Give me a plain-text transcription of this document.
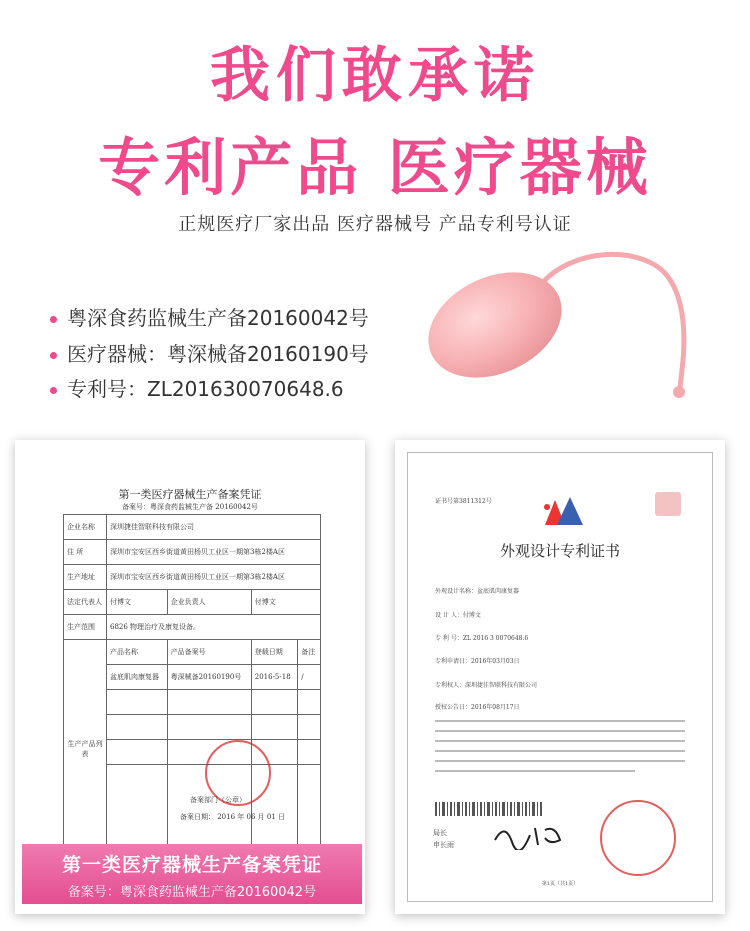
我们敢承诺
专利产品 医疗器械
正规医疗厂家出品 医疗器械号 产品专利号认证
粤深食药监械生产备20160042号
医疗器械：粤深械备20160190号
专利号：ZL201630070648.6
第一类医疗器械生产备案凭证
备案号：粤深食药监械生产备 20160042号
企业名称	深圳捷佳智联科技有限公司			
住 所	深圳市宝安区西乡街道黄田杨贝工业区一期第3栋2楼A区			
生产地址	深圳市宝安区西乡街道黄田杨贝工业区一期第3栋2楼A区			
法定代表人	付博文	企业负责人	付博文	
生产范围	6826 物理治疗及康复设备。			
生产产品列表	产品名称	产品备案号	登载日期	备注
	盆底肌肉康复器	粤深械备20160190号	2016-5-18	/

备案部门（公章）
备案日期： 2016 年 06 月 01 日
第一类医疗器械生产备案凭证
备案号：粤深食药监械生产备20160042号
证书号第3811312号
外观设计专利证书
外观设计名称：盆底肌肉康复器
设 计 人：付博文
专 利 号：ZL 2016 3 0070648.6
专利申请日：2016年03月03日
专利权人：深圳捷佳智联科技有限公司
授权公告日：2016年08月17日
局长
申长雨
第1页（共1页）
